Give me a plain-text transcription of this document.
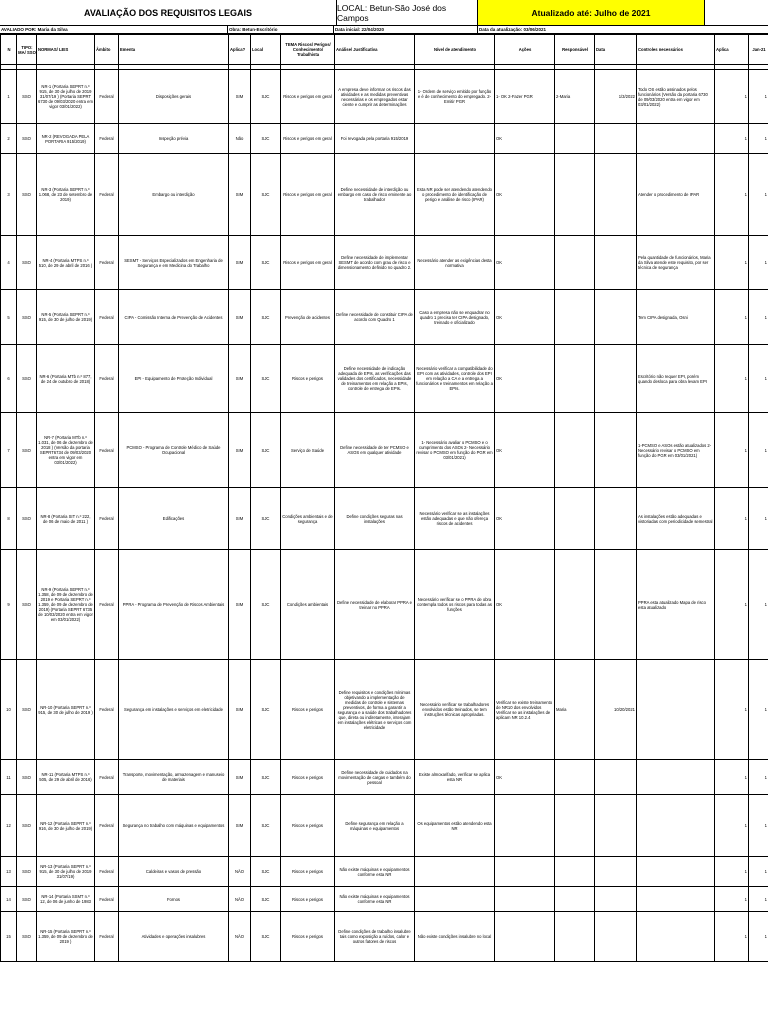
AVALIAÇÃO DOS REQUISITOS LEGAIS	LOCAL: Betun-São José dos Campos	Atualizado até: Julho de 2021
AVALIADO POR: Maria da Silva	Obra: Betun-Escritório	Data inicial: 22/04/2020	Data da atualização: 03/06/2021
N	TIPO: MA/ SSO	NORMAS/ LEIS	Âmbito	Ementa	Aplica?	Local	TEMA Riscos/ Perigos/ Conhecimento/ Trabalhista	Análise/ Justificativa	Nível de atendimento	Ações	Responsável	Data	Controles necessários	Aplica	Jan-21

1	SSO	NR-1 (Portaria SEPRT n.º 915, de 30 de julho de 2019 31/07/19 ) (Portaria SEPRT 6730 de 09/03/2020 entra em vigor 03/01/2022)	Federal	Disposições gerais	SIM	SJC	Riscos e perigos em geral	A empresa deve informar os riscos das atividades e as medidas preventivas necessárias e os empregados estar ciente e cumprir as determinações	1- Ordem de serviço emitido por função e é de conhecimento do empregado. 2- Emitir PGR	1- OK 2-Fazer PGR	2-Maria	1/3/2022	Todo OS estão assinados pelos funcionários (Versão da portaria 6730 de 09/03/2020 entra em vigor em 03/01/2022)	1	1
2	SSO	NR-2 (REVOGADA PELA PORTARIA 915/2019)	Federal	Inspeção prévia	Não	SJC	Riscos e perigos em geral	Foi revogada pela portaria 915/2019		OK				1	1
3	SSO	NR-3 (Portaria SEPRT n.º 1.068, de 23 de setembro de 2019)	Federal	Embargo ou interdição	SIM	SJC	Riscos e perigos em geral	Define necessidade de interdição ou embargo em caso de risco eminente ao trabalhador	Esta NR pode ser atendendo atendendo o procedimento de identificação de perigo e análise de risco (IPAR)	OK			Atender o procedimento de IPAR	1	1
4	SSO	NR-4 (Portaria MTPS n.º 510, de 29 de abril de 2016 )	Federal	SESMT - Serviços Especializados em Engenharia de Segurança e em Medicina do Trabalho	SIM	SJC	Riscos e perigos em geral	Define necessidade de implementar SESMT de acordo com grau de risco e dimensionamento definido no quadro 2.	Necessário atender as exigências desta normativa	OK			Pela quantidade de funcionários, Maria da Silva atende este requisito, por ser técnica de segurança	1	1
5	SSO	NR-5 (Portaria SEPRT n.º 915, de 30 de julho de 2019)	Federal	CIPA - Comissão Interna de Prevenção de Acidentes	SIM	SJC	Prevenção de acidentes	Define necessidade de constituir CIPA de acordo com Quadro 1	Caso a empresa não se enquadrar no quadro 1 precisa ter CIPA designado, treinado e oficializado	OK			Tem CIPA designada, Osni	1	1
6	SSO	NR-6 (Portaria MTb n.º 877, de 24 de outubro de 2018)	Federal	EPI - Equipamento de Proteção Individual	SIM	SJC	Riscos e perigos	Define necessidade de indicação adequada de EPIs, as verificações das validades dos certificados, necessidade de treinamentos em relação a EPIs, controle de entrega de EPIs.	Necessário verificar a compatibilidade do EPI com as atividades, controle dos EPI em relação a CA e a entrega a funcionários e treinamentos em relação a EPIs.	OK			Escritório não requer EPI, porém quando desloca para obra levam EPI	1	1
7	SSO	NR-7 (Portaria MTb n.º 1.031, de 06 de dezembro de 2018 ) (Versão da portaria SEPRT6734 de 09/03/2020 entra em vigor em 03/01/2022)	Federal	PCMSO - Programa de Controle Médico de Saúde Ocupacional	SIM	SJC	Serviço de Saúde	Define necessidade de ter PCMSO e ASOS em qualquer atividade	1- Necessário avaliar o PCMSO e o cumprimento dos ASOs 2- Necessário revisar o PCMSO em função do PGR em 03/01/2021)	OK			1-PCMSO e ASOs estão atualizados 2- Necessário revisar o PCMSO em função do PGR em 03/01/2021)	1	1
8	SSO	NR-8 (Portaria SIT n.º 222, de 06 de maio de 2011 )	Federal	Edificações	SIM	SJC	Condições ambientais e de segurança	Define condições seguras nas instalações	Necessário verificar se as instalações estão adequadas e que não ofereça riscos de acidentes	OK			As instalações estão adequadas e vistoriadas com periodicidade semestral	1	1
9	SSO	NR-9 (Portaria SEPRT n.º 1.358, de 09 de dezembro de 2019 e Portaria SEPRT n.º 1.359, de 09 de dezembro de 2019) (Portaria SEPRT 6735 de 10/03/2020 entra em vigor em 03/01/2022)	Federal	PPRA - Programa de Prevenção de Riscos Ambientais	SIM	SJC	Condições ambientais	Define necessidade de elaborar PPRA e treinar no PPRA	Necessário verificar se o PPRA de obra contempla todos os riscos para todas as funções	OK			PPRA esta atualizado Mapa de risco esta atualizado	1	1
10	SSO	NR-10 (Portaria SEPRT n.º 915, de 30 de julho de 2019 )	Federal	Segurança em instalações e serviços em eletricidade	SIM	SJC	Riscos e perigos	Define requisitos e condições mínimas objetivando a implementação de medidas de controle e sistemas preventivos, de forma a garantir a segurança e a saúde dos trabalhadores que, direta ou indiretamente, interajam em instalações elétricas e serviços com eletricidade	Necessário verificar se trabalhadores envolvidos estão treinados, se tem instruções técnicas apropriadas.	Verificar se existe treinamento de NR10 dos envolvidos Verificar se as instalações de aplicam NR 10.2.4	Maria	10/20/2021		1	1
11	SSO	NR-11 (Portaria MTPS n.º 505, de 29 de abril de 2016)	Federal	Transporte, movimentação, armazenagem e manuseio de materiais	SIM	SJC	Riscos e perigos	Define necessidade de cuidados na movimentação de cargas e também do pessoal	Existe almoxarifado, verificar se aplica esta NR	OK				1	1
12	SSO	NR-12 (Portaria SEPRT n.º 916, de 30 de julho de 2019)	Federal	Segurança no trabalho com máquinas e equipamentos	SIM	SJC	Riscos e perigos	Define segurança em relação a máquinas e equipamentos	Os equipamentos estão atendendo esta NR					1	1
13	SSO	NR-13 (Portaria SEPRT n.º 915, de 30 de julho de 2019 31/07/19)	Federal	Caldeiras e vasos de pressão	NÃO	SJC	Riscos e perigos	Não existe máquinas e equipamentos conforme esta NR						1	1
14	SSO	NR-14 (Portaria SSMT n.º 12, de 06 de junho de 1983	Federal	Fornos	NÃO	SJC	Riscos e perigos	Não existe máquinas e equipamentos conforme esta NR						1	1
15	SSO	NR-15 (Portaria SEPRT n.º 1.359, de 09 de dezembro de 2019 )	Federal	Atividades e operações insalubres	NÃO	SJC	Riscos e perigos	Define condições de trabalho insalubre tais como exposição a ruídos, calor e outros fatores de riscos	Não existe condições insalubre no local					1	1
